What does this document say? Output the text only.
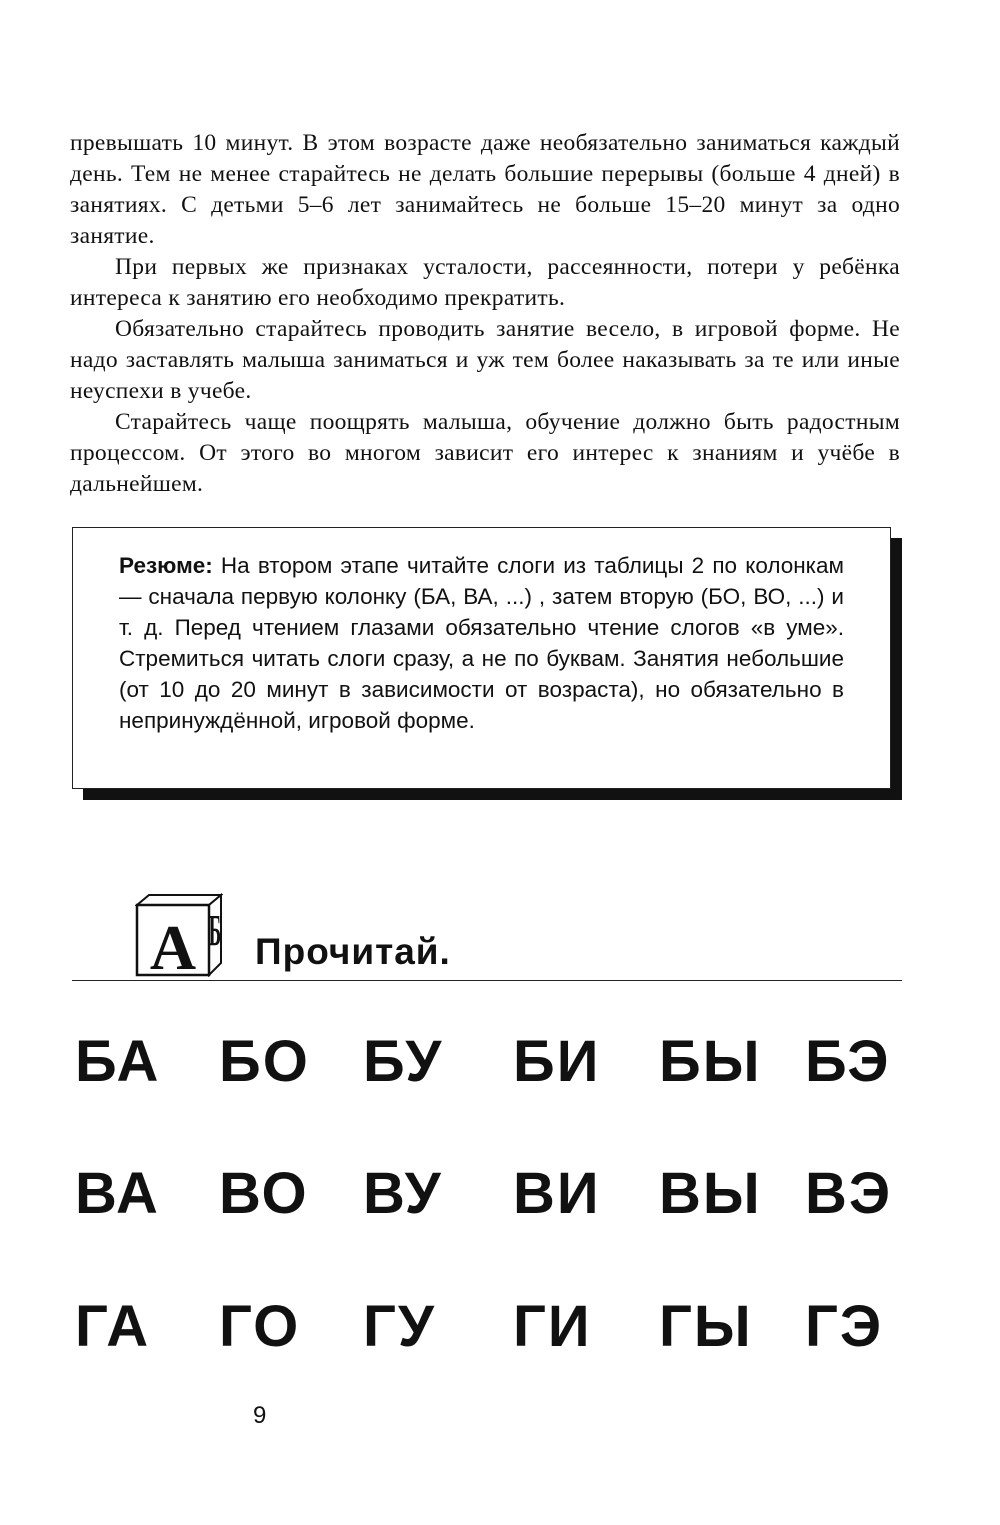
превышать 10 минут. В этом возрасте даже необязательно заниматься каждый день. Тем не менее старайтесь не делать большие перерывы (больше 4 дней) в занятиях. С детьми 5–6 лет занимайтесь не больше 15–20 минут за одно занятие.

При первых же признаках усталости, рассеянности, потери у ребёнка интереса к занятию его необходимо прекратить.

Обязательно старайтесь проводить занятие весело, в игровой форме. Не надо заставлять малыша заниматься и уж тем более наказывать за те или иные неуспехи в учебе.

Старайтесь чаще поощрять малыша, обучение должно быть радостным процессом. От этого во многом зависит его интерес к знаниям и учёбе в дальнейшем.

Резюме: На втором этапе читайте слоги из таблицы 2 по колонкам — сначала первую колонку (БА, ВА, ...) , затем вторую (БО, ВО, ...) и т. д. Перед чтением глазами обязательно чтение слогов «в уме». Стремиться читать слоги сразу, а не по буквам. Занятия небольшие (от 10 до 20 минут в зависимости от возраста), но обязательно в непринуждённой, игровой форме.
А Б Прочитай.
БА БО БУ БИ БЫ БЭ
ВА ВО ВУ ВИ ВЫ ВЭ
ГА ГО ГУ ГИ ГЫ ГЭ
9
